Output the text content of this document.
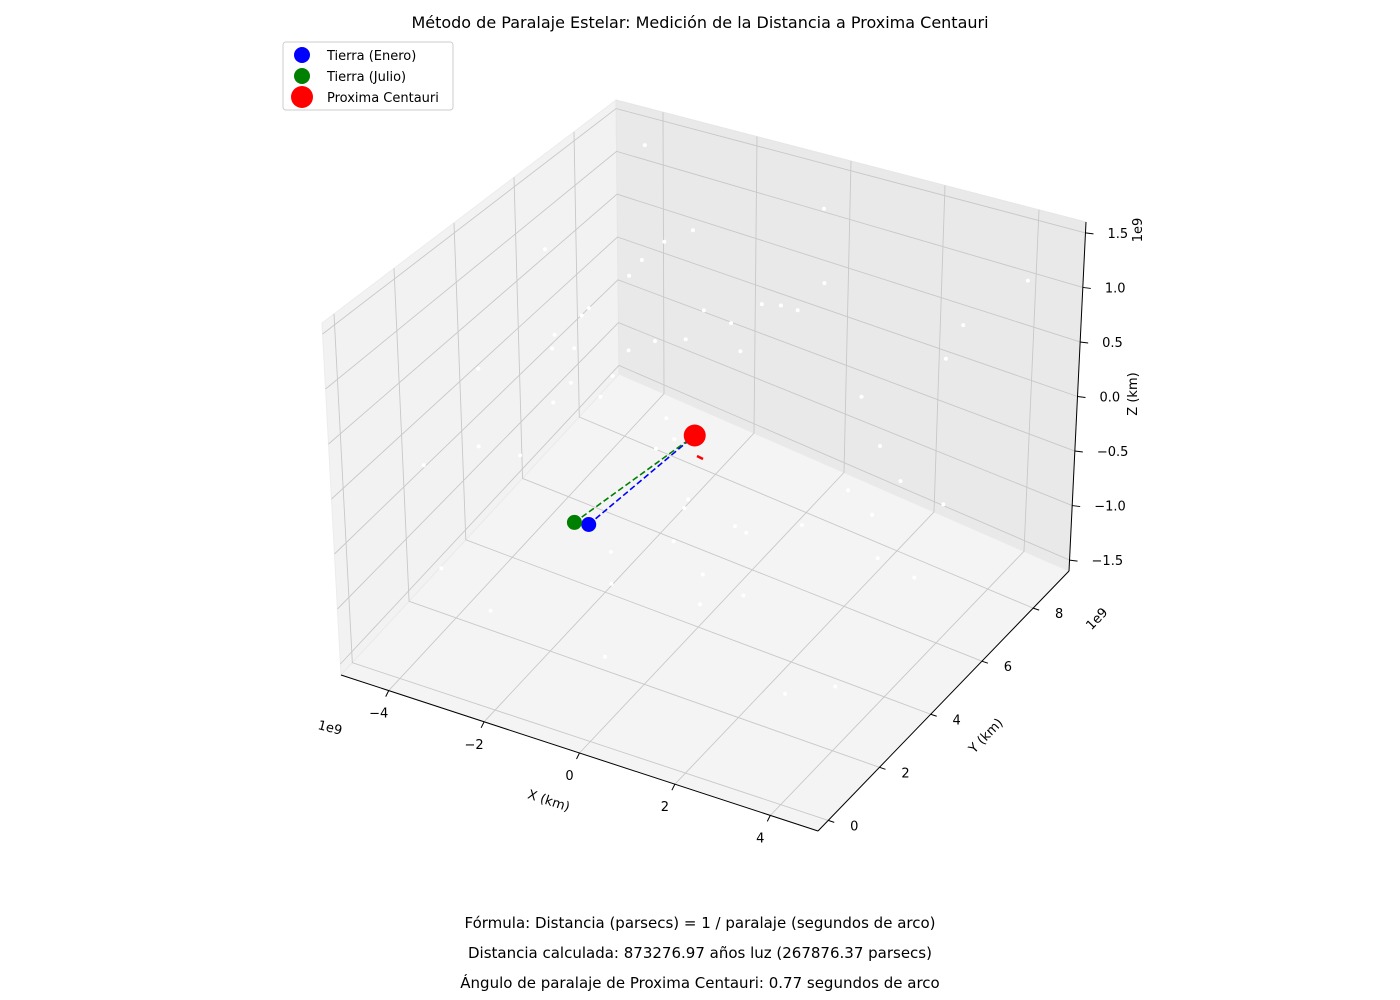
Método de Paralaje Estelar: Medición de la Distancia a Proxima Centauri
−4
−2
0
2
4
0
2
4
6
8
−1.5
−1.0
−0.5
0.0
0.5
1.0
1.5
X (km)
Y (km)
Z (km)
1e9
1e9
1e9
Tierra (Enero)
Tierra (Julio)
Proxima Centauri
Fórmula: Distancia (parsecs) = 1 / paralaje (segundos de arco)
Distancia calculada: 873276.97 años luz (267876.37 parsecs)
Ángulo de paralaje de Proxima Centauri: 0.77 segundos de arco
